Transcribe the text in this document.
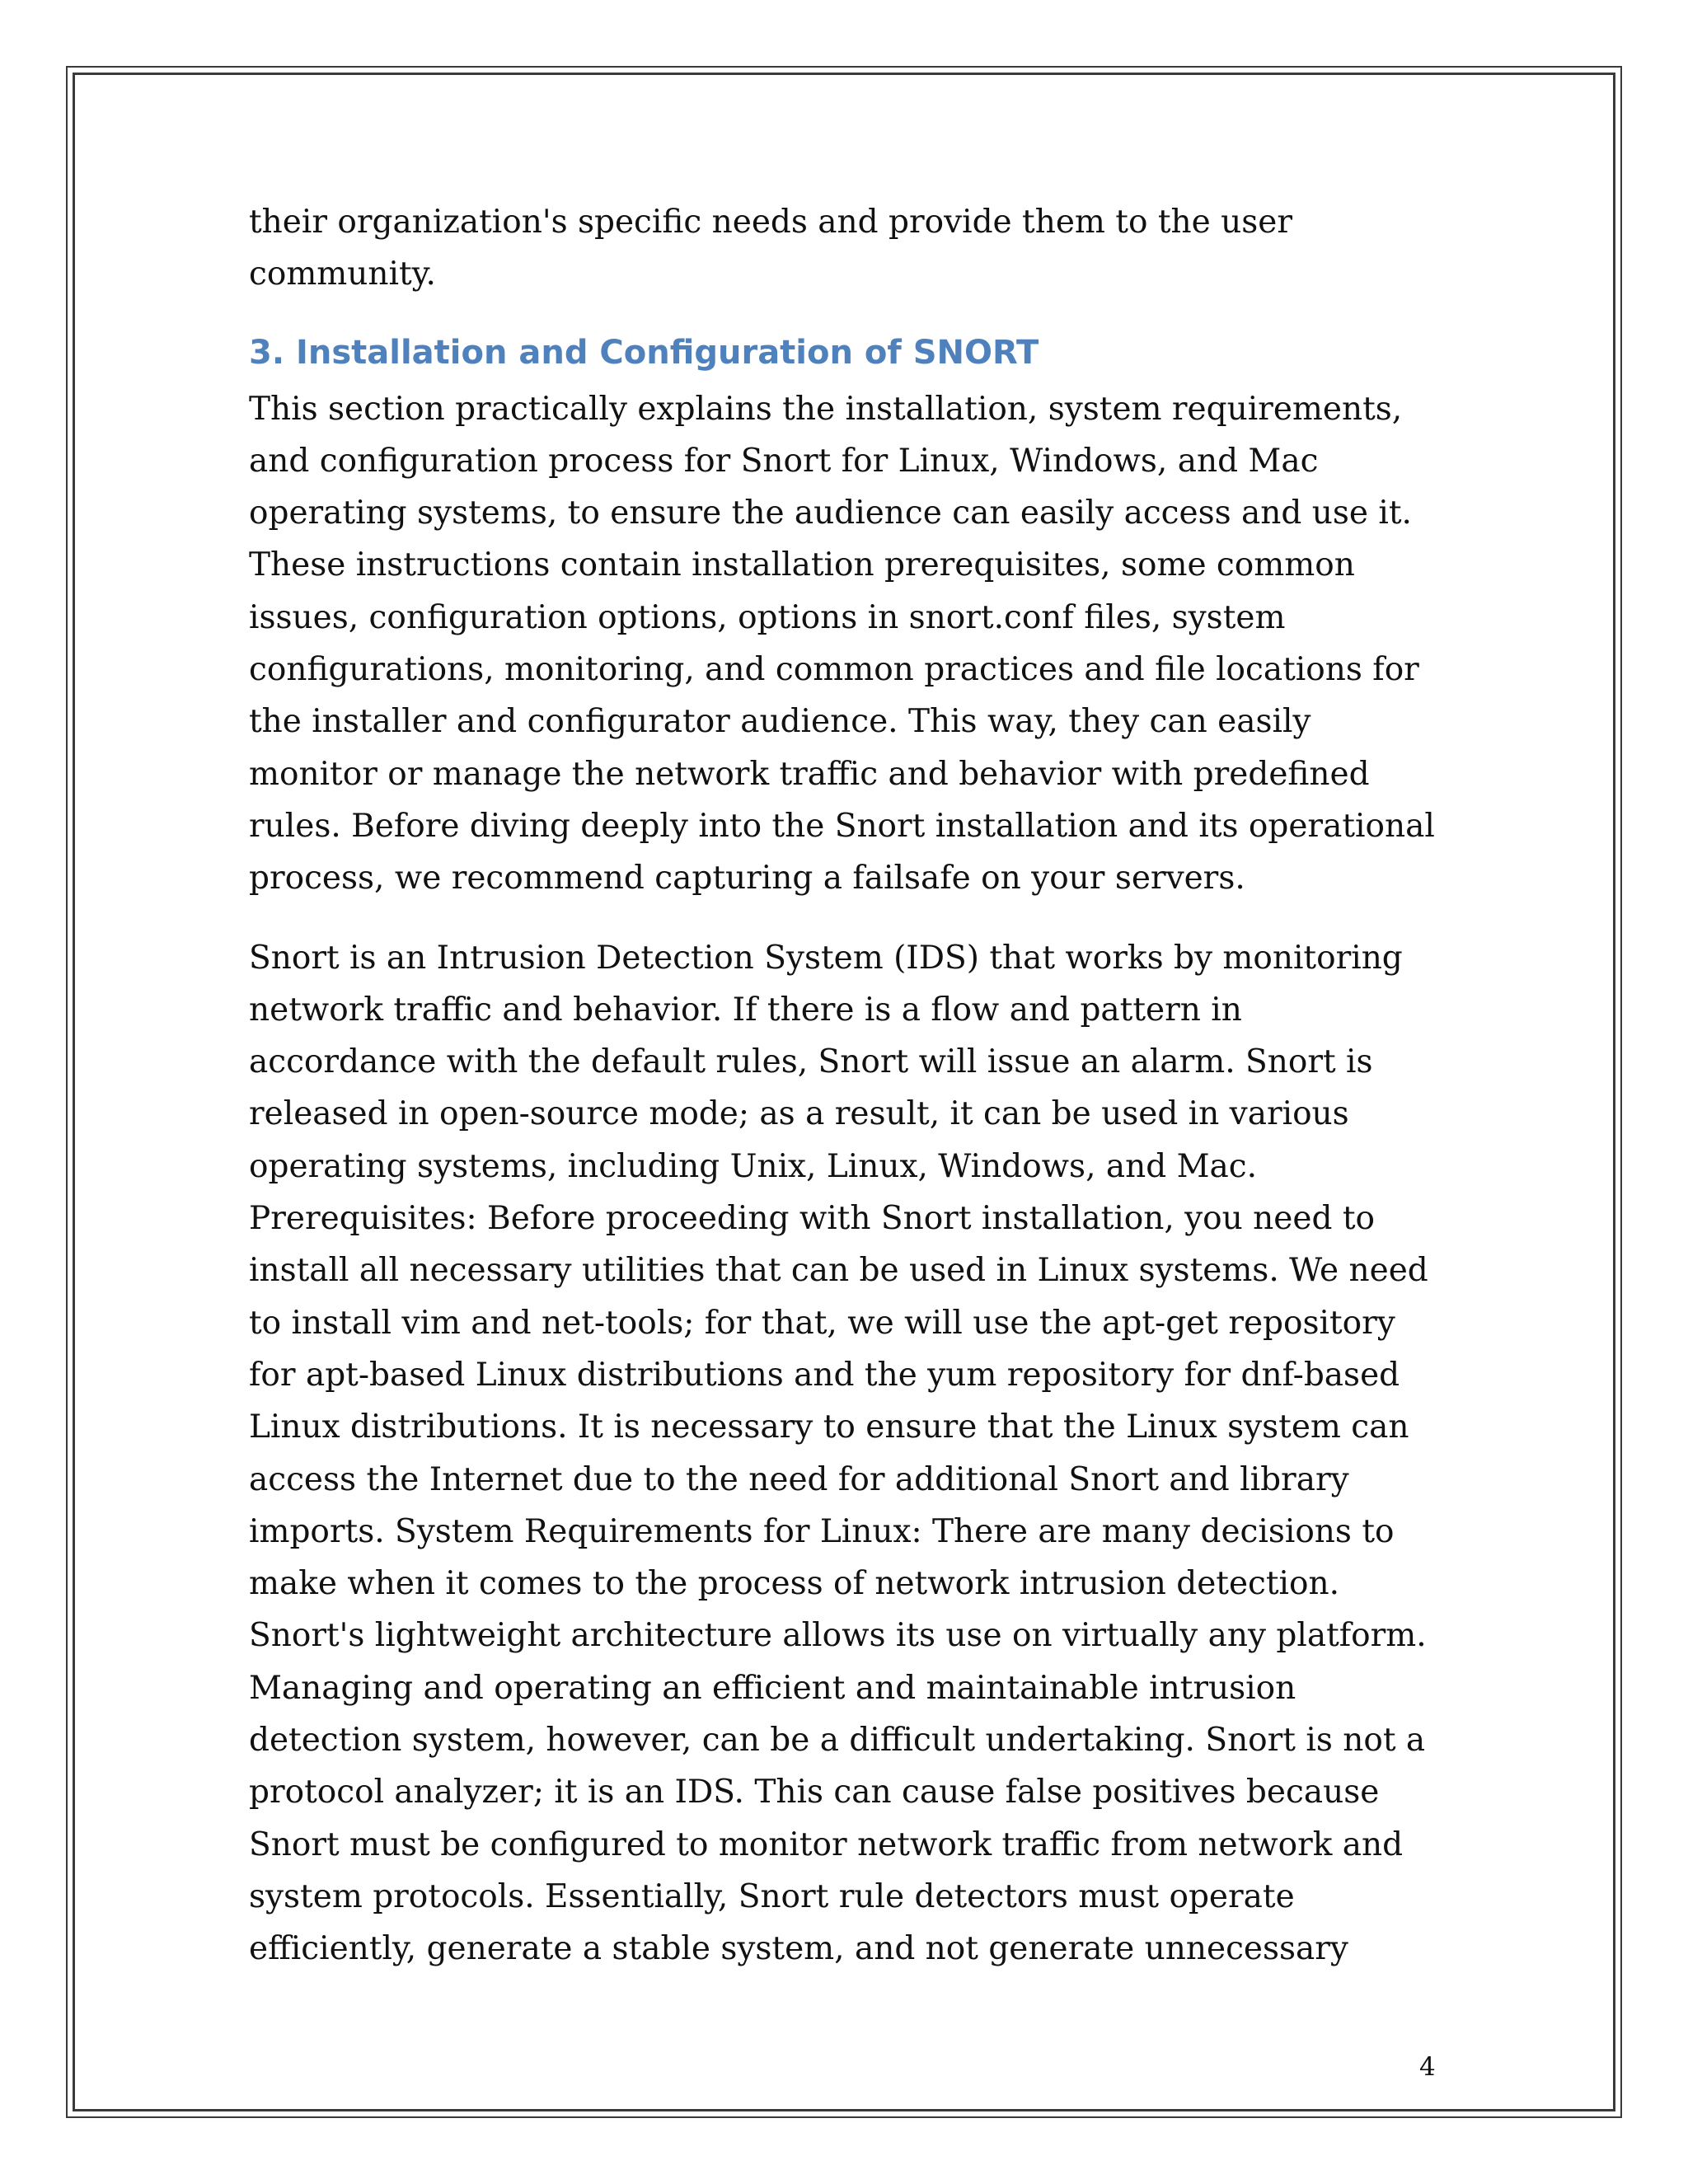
their organization's specific needs and provide them to the user

community.

3. Installation and Configuration of SNORT

This section practically explains the installation, system requirements,

and configuration process for Snort for Linux, Windows, and Mac

operating systems, to ensure the audience can easily access and use it.

These instructions contain installation prerequisites, some common

issues, configuration options, options in snort.conf files, system

configurations, monitoring, and common practices and file locations for

the installer and configurator audience. This way, they can easily

monitor or manage the network traffic and behavior with predefined

rules. Before diving deeply into the Snort installation and its operational

process, we recommend capturing a failsafe on your servers.

Snort is an Intrusion Detection System (IDS) that works by monitoring

network traffic and behavior. If there is a flow and pattern in

accordance with the default rules, Snort will issue an alarm. Snort is

released in open-source mode; as a result, it can be used in various

operating systems, including Unix, Linux, Windows, and Mac.

Prerequisites: Before proceeding with Snort installation, you need to

install all necessary utilities that can be used in Linux systems. We need

to install vim and net-tools; for that, we will use the apt-get repository

for apt-based Linux distributions and the yum repository for dnf-based

Linux distributions. It is necessary to ensure that the Linux system can

access the Internet due to the need for additional Snort and library

imports. System Requirements for Linux: There are many decisions to

make when it comes to the process of network intrusion detection.

Snort's lightweight architecture allows its use on virtually any platform.

Managing and operating an efficient and maintainable intrusion

detection system, however, can be a difficult undertaking. Snort is not a

protocol analyzer; it is an IDS. This can cause false positives because

Snort must be configured to monitor network traffic from network and

system protocols. Essentially, Snort rule detectors must operate

efficiently, generate a stable system, and not generate unnecessary

4
